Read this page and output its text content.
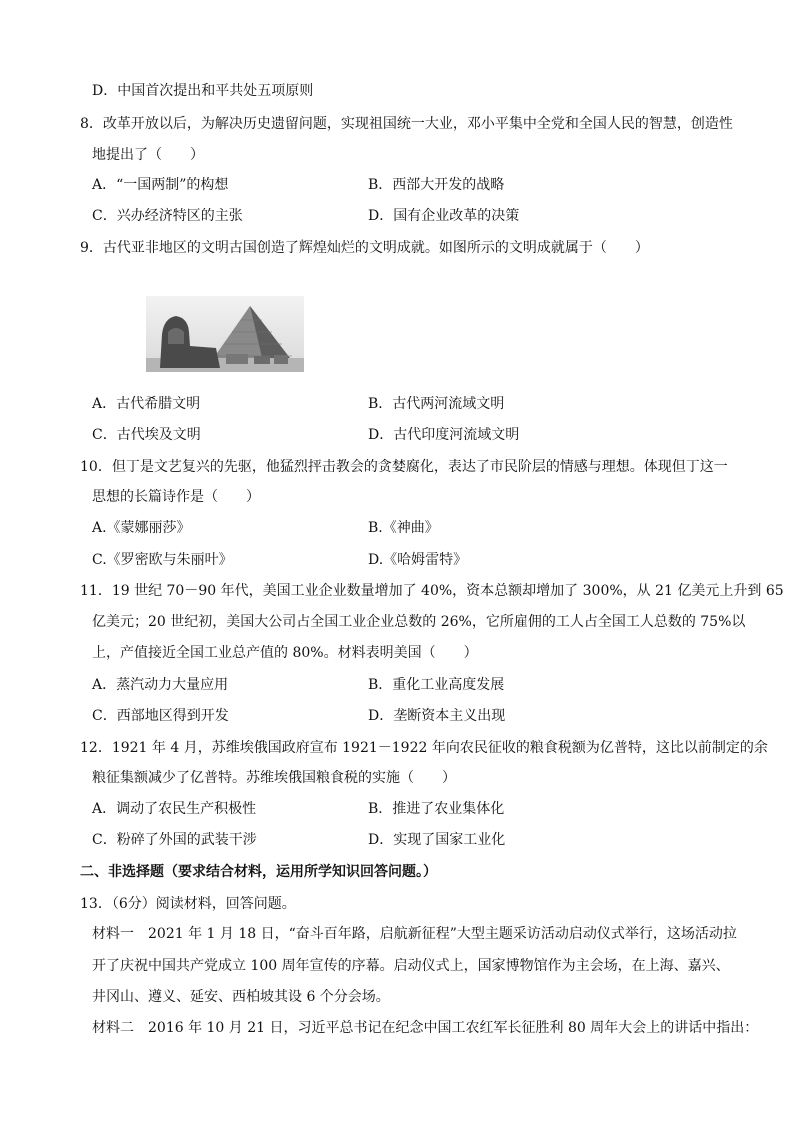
D．中国首次提出和平共处五项原则
8．改革开放以后，为解决历史遗留问题，实现祖国统一大业，邓小平集中全党和全国人民的智慧，创造性
地提出了（　　）
A．“一国两制”的构想	B．西部大开发的战略
C．兴办经济特区的主张	D．国有企业改革的决策
9．古代亚非地区的文明古国创造了辉煌灿烂的文明成就。如图所示的文明成就属于（　　）
A．古代希腊文明	B．古代两河流域文明
C．古代埃及文明	D．古代印度河流域文明
10．但丁是文艺复兴的先驱，他猛烈抨击教会的贪婪腐化，表达了市民阶层的情感与理想。体现但丁这一
思想的长篇诗作是（　　）
A.《蒙娜丽莎》	B.《神曲》
C.《罗密欧与朱丽叶》	D.《哈姆雷特》
11．19 世纪 70－90 年代，美国工业企业数量增加了 40%，资本总额却增加了 300%，从 21 亿美元上升到 65
亿美元；20 世纪初，美国大公司占全国工业企业总数的 26%，它所雇佣的工人占全国工人总数的 75%以
上，产值接近全国工业总产值的 80%。材料表明美国（　　）
A．蒸汽动力大量应用	B．重化工业高度发展
C．西部地区得到开发	D．垄断资本主义出现
12．1921 年 4 月，苏维埃俄国政府宣布 1921－1922 年向农民征收的粮食税额为亿普特，这比以前制定的余
粮征集额减少了亿普特。苏维埃俄国粮食税的实施（　　）
A．调动了农民生产积极性	B．推进了农业集体化
C．粉碎了外国的武装干涉	D．实现了国家工业化
二、非选择题（要求结合材料，运用所学知识回答问题。）
13．（6分）阅读材料，回答问题。
材料一　2021 年 1 月 18 日，“奋斗百年路，启航新征程”大型主题采访活动启动仪式举行，这场活动拉
开了庆祝中国共产党成立 100 周年宣传的序幕。启动仪式上，国家博物馆作为主会场，在上海、嘉兴、
井冈山、遵义、延安、西柏坡其设 6 个分会场。
材料二　2016 年 10 月 21 日，习近平总书记在纪念中国工农红军长征胜利 80 周年大会上的讲话中指出：
